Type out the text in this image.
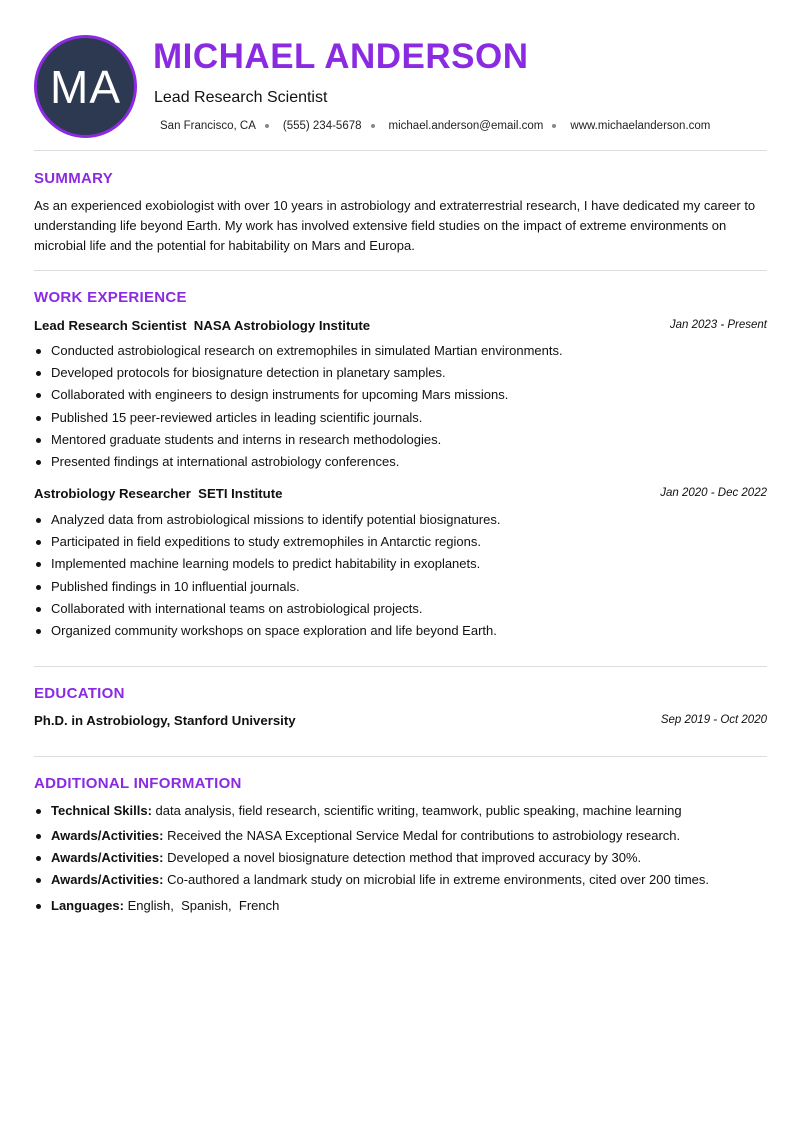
MA
MICHAEL ANDERSON
Lead Research Scientist
San Francisco, CA (555) 234-5678 michael.anderson@email.com www.michaelanderson.com
SUMMARY

As an experienced exobiologist with over 10 years in astrobiology and extraterrestrial research, I have dedicated my career to understanding life beyond Earth. My work has involved extensive field studies on the impact of extreme environments on microbial life and the potential for habitability on Mars and Europa.

WORK EXPERIENCE
Lead Research Scientist NASA Astrobiology Institute	Jan 2023 - Present
Conducted astrobiological research on extremophiles in simulated Martian environments.
Developed protocols for biosignature detection in planetary samples.
Collaborated with engineers to design instruments for upcoming Mars missions.
Published 15 peer-reviewed articles in leading scientific journals.
Mentored graduate students and interns in research methodologies.
Presented findings at international astrobiology conferences.
Astrobiology Researcher SETI Institute	Jan 2020 - Dec 2022
Analyzed data from astrobiological missions to identify potential biosignatures.
Participated in field expeditions to study extremophiles in Antarctic regions.
Implemented machine learning models to predict habitability in exoplanets.
Published findings in 10 influential journals.
Collaborated with international teams on astrobiological projects.
Organized community workshops on space exploration and life beyond Earth.
EDUCATION
Ph.D. in Astrobiology, Stanford University	Sep 2019 - Oct 2020
ADDITIONAL INFORMATION
Technical Skills: data analysis, field research, scientific writing, teamwork, public speaking, machine learning
Awards/Activities: Received the NASA Exceptional Service Medal for contributions to astrobiology research.
Awards/Activities: Developed a novel biosignature detection method that improved accuracy by 30%.
Awards/Activities: Co-authored a landmark study on microbial life in extreme environments, cited over 200 times.
Languages: English,  Spanish,  French
